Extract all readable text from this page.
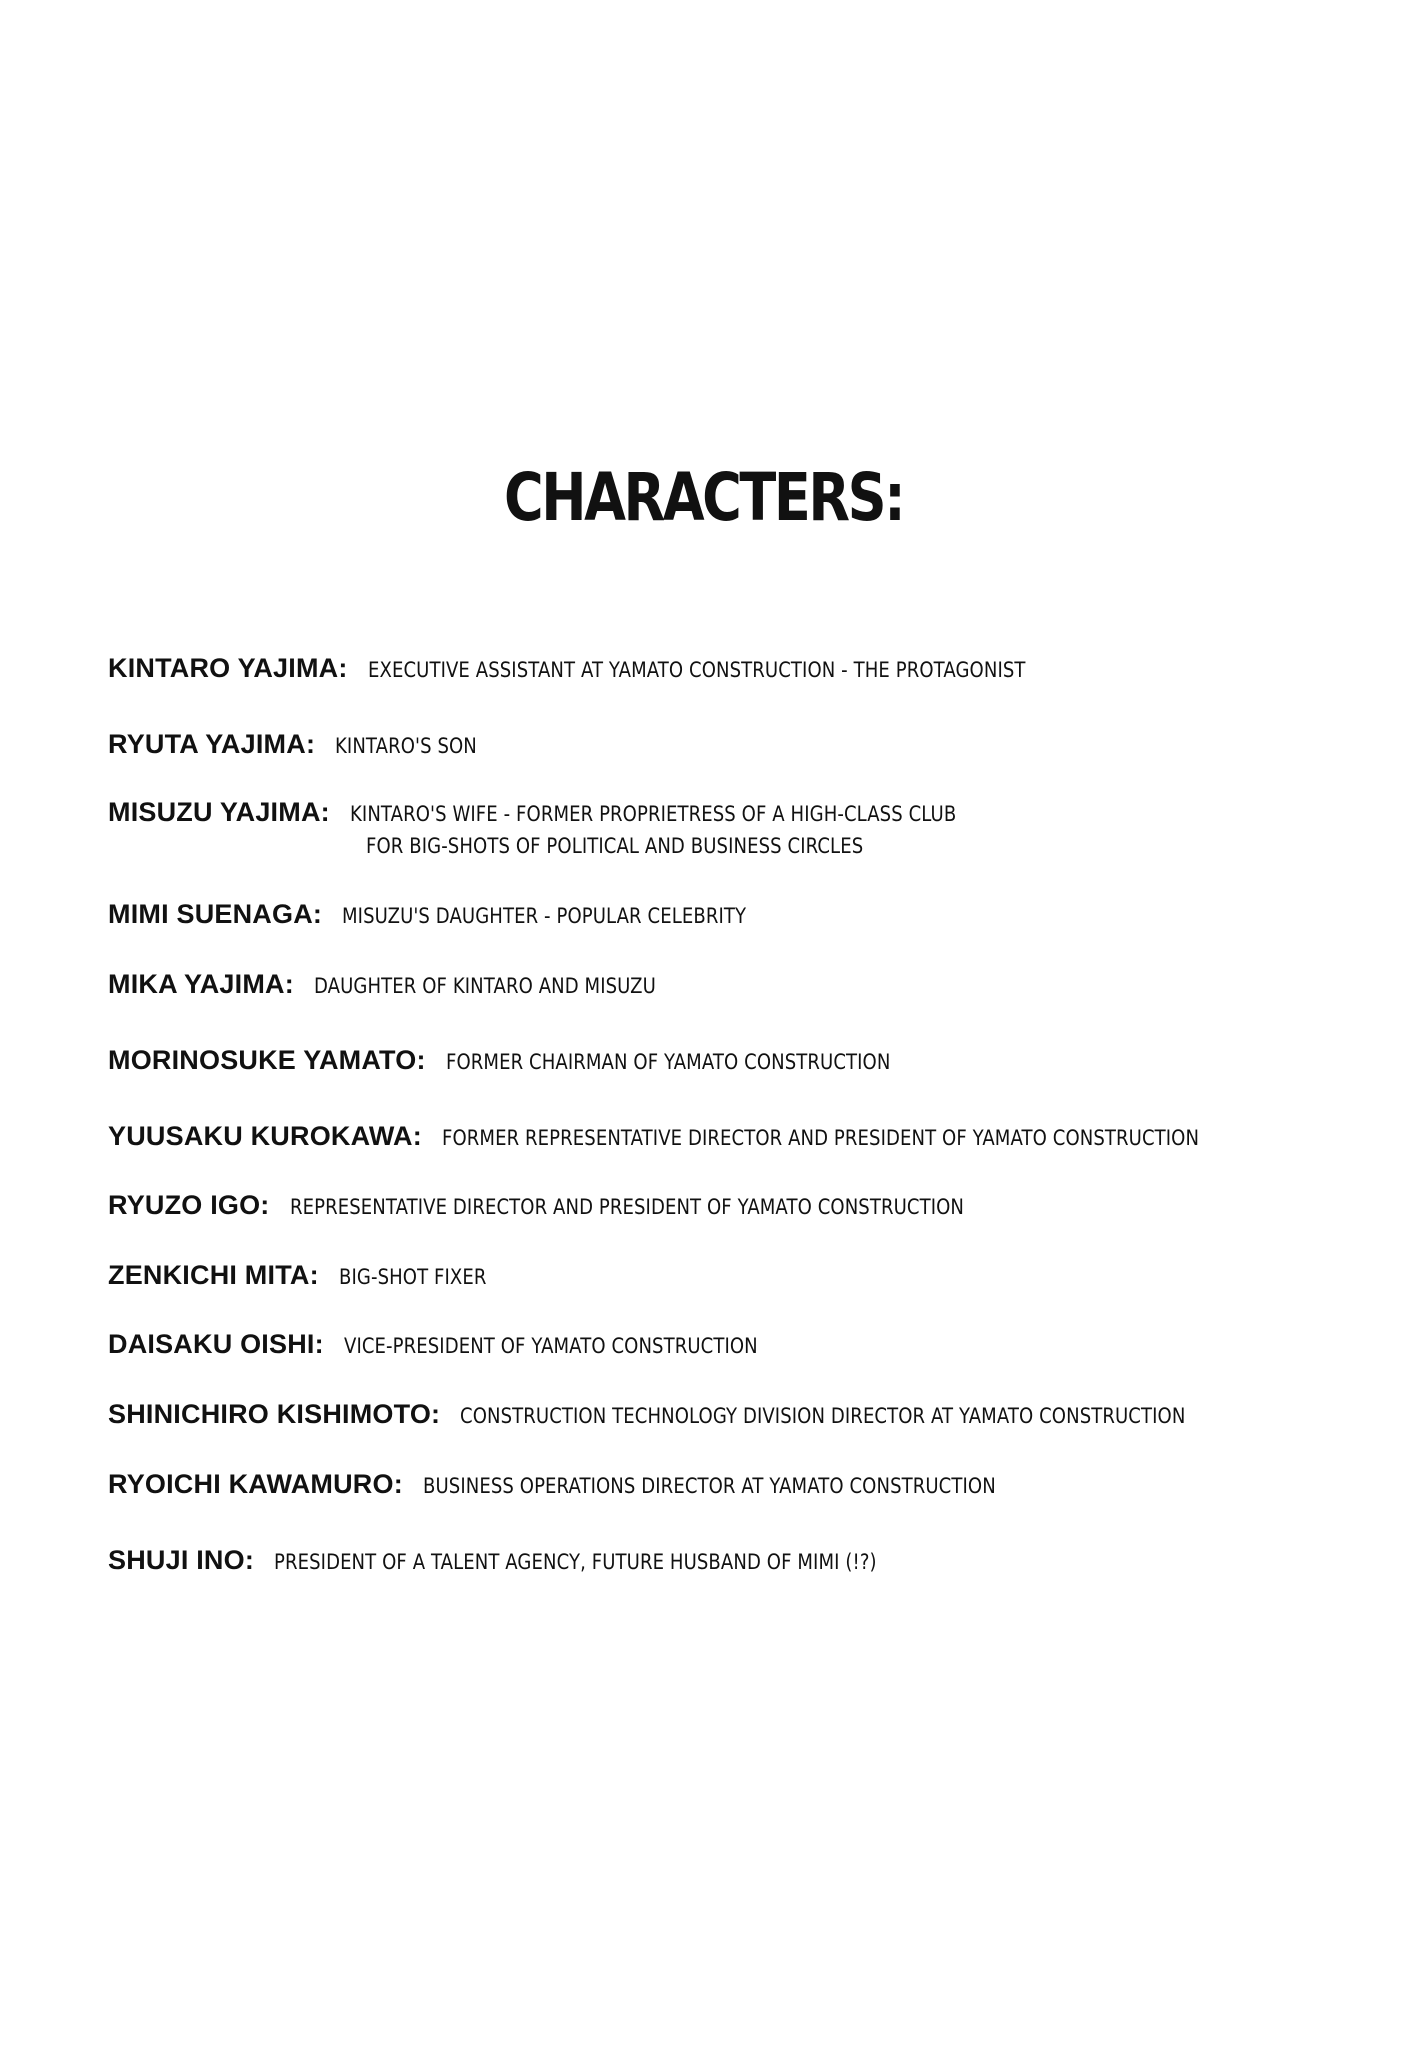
CHARACTERS:
KINTARO YAJIMA: EXECUTIVE ASSISTANT AT YAMATO CONSTRUCTION - THE PROTAGONIST
RYUTA YAJIMA: KINTARO'S SON
MISUZU YAJIMA: KINTARO'S WIFE - FORMER PROPRIETRESS OF A HIGH-CLASS CLUB
FOR BIG-SHOTS OF POLITICAL AND BUSINESS CIRCLES
MIMI SUENAGA: MISUZU'S DAUGHTER - POPULAR CELEBRITY
MIKA YAJIMA: DAUGHTER OF KINTARO AND MISUZU
MORINOSUKE YAMATO: FORMER CHAIRMAN OF YAMATO CONSTRUCTION
YUUSAKU KUROKAWA: FORMER REPRESENTATIVE DIRECTOR AND PRESIDENT OF YAMATO CONSTRUCTION
RYUZO IGO: REPRESENTATIVE DIRECTOR AND PRESIDENT OF YAMATO CONSTRUCTION
ZENKICHI MITA: BIG-SHOT FIXER
DAISAKU OISHI: VICE-PRESIDENT OF YAMATO CONSTRUCTION
SHINICHIRO KISHIMOTO: CONSTRUCTION TECHNOLOGY DIVISION DIRECTOR AT YAMATO CONSTRUCTION
RYOICHI KAWAMURO: BUSINESS OPERATIONS DIRECTOR AT YAMATO CONSTRUCTION
SHUJI INO: PRESIDENT OF A TALENT AGENCY, FUTURE HUSBAND OF MIMI (!?)
